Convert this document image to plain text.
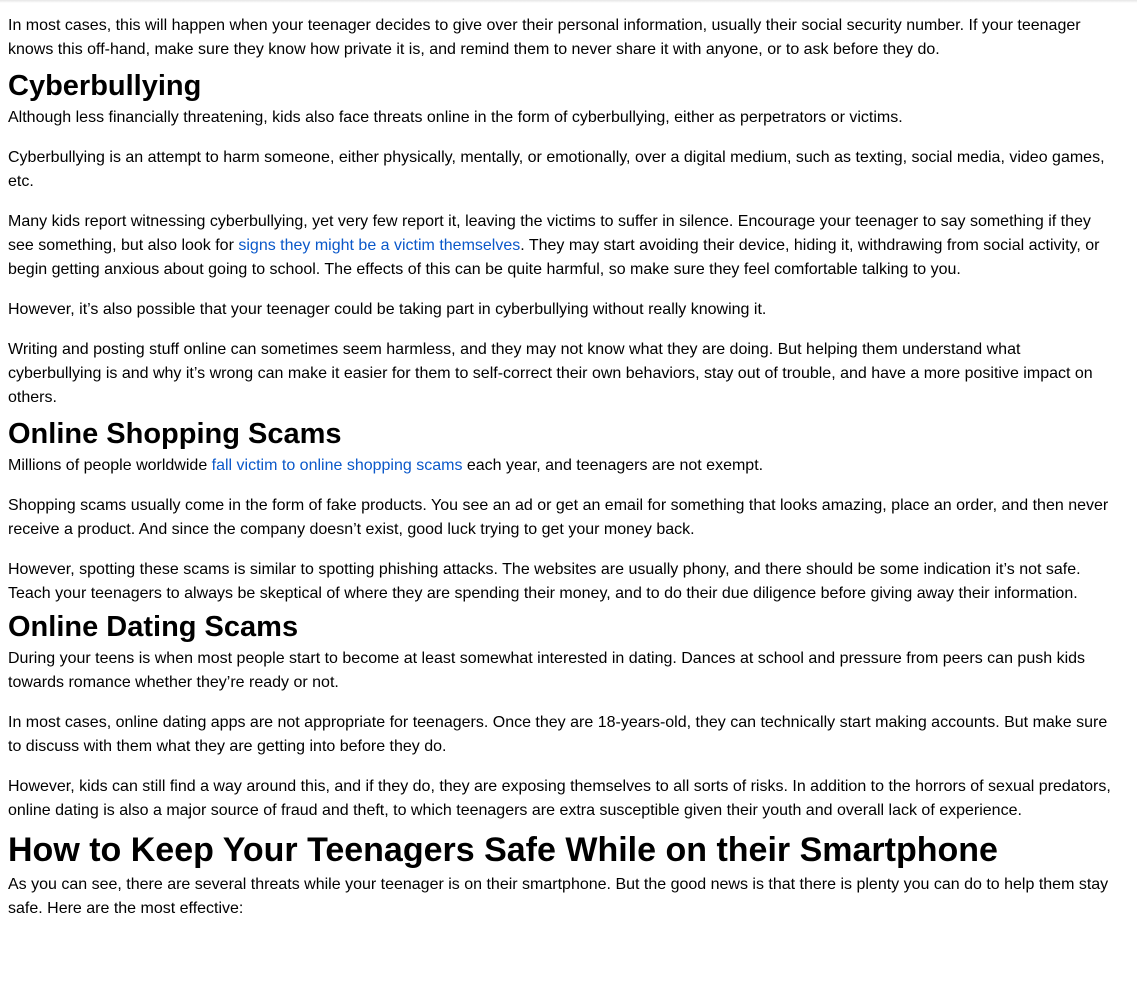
In most cases, this will happen when your teenager decides to give over their personal information, usually their social security number. If your teenager knows this off-hand, make sure they know how private it is, and remind them to never share it with anyone, or to ask before they do.

Cyberbullying

Although less financially threatening, kids also face threats online in the form of cyberbullying, either as perpetrators or victims.

Cyberbullying is an attempt to harm someone, either physically, mentally, or emotionally, over a digital medium, such as texting, social media, video games, etc.

Many kids report witnessing cyberbullying, yet very few report it, leaving the victims to suffer in silence. Encourage your teenager to say something if they see something, but also look for signs they might be a victim themselves. They may start avoiding their device, hiding it, withdrawing from social activity, or begin getting anxious about going to school. The effects of this can be quite harmful, so make sure they feel comfortable talking to you.

However, it’s also possible that your teenager could be taking part in cyberbullying without really knowing it.

Writing and posting stuff online can sometimes seem harmless, and they may not know what they are doing. But helping them understand what cyberbullying is and why it’s wrong can make it easier for them to self-correct their own behaviors, stay out of trouble, and have a more positive impact on others.

Online Shopping Scams

Millions of people worldwide fall victim to online shopping scams each year, and teenagers are not exempt.

Shopping scams usually come in the form of fake products. You see an ad or get an email for something that looks amazing, place an order, and then never receive a product. And since the company doesn’t exist, good luck trying to get your money back.

However, spotting these scams is similar to spotting phishing attacks. The websites are usually phony, and there should be some indication it’s not safe. Teach your teenagers to always be skeptical of where they are spending their money, and to do their due diligence before giving away their information.

Online Dating Scams

During your teens is when most people start to become at least somewhat interested in dating. Dances at school and pressure from peers can push kids towards romance whether they’re ready or not.

In most cases, online dating apps are not appropriate for teenagers. Once they are 18-years-old, they can technically start making accounts. But make sure to discuss with them what they are getting into before they do.

However, kids can still find a way around this, and if they do, they are exposing themselves to all sorts of risks. In addition to the horrors of sexual predators, online dating is also a major source of fraud and theft, to which teenagers are extra susceptible given their youth and overall lack of experience.

How to Keep Your Teenagers Safe While on their Smartphone

As you can see, there are several threats while your teenager is on their smartphone. But the good news is that there is plenty you can do to help them stay safe. Here are the most effective:
